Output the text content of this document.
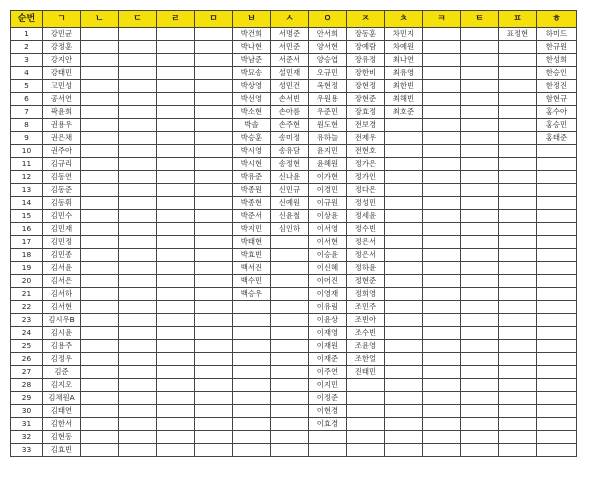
순번	ㄱ	ㄴ	ㄷ	ㄹ	ㅁ	ㅂ	ㅅ	ㅇ	ㅈ	ㅊ	ㅋ	ㅌ	ㅍ	ㅎ
1	강민균					박건희	서명준	안서희	장동훈	차민지			표정현	하미드
2	강정훈					박나현	서민준	양서현	장예람	차예원				한규원
3	강지안					박남준	서준서	양승엽	장유정	최나연				한성희
4	강태민					박묘송	설민재	오규민	장한비	최유영				한승인
5	고민성					박상영	성민건	옥현정	장현정	최한빈				한정진
6	공서연					박선영	손서빈	우원용	장현준	최해빈				함현규
7	곽윤희					박소현	손아름	우준민	장효정	최호준				홍수아
8	권용우					박솔	손주현	원도현	전보경					홍승민
9	권은채					박승훈	송미정	유하늘	전제우					홍태준
10	권주아					박시영	송유담	윤지민	전현호					
11	김규리					박시현	송정현	윤혜원	정가은					
12	김동연					박유준	신나윤	이가현	정가인					
13	김동준					박종원	신민규	이경민	정다은					
14	김동휘					박종현	신예원	이규원	정성민					
15	김민수					박준서	신윤철	이상윤	정세윤					
16	김민재					박지민	심인하	이서영	정수빈					
17	김민정					박태현		이서현	정은서					
18	김민종					박효빈		이승윤	정은서					
19	김서윤					백서진		이신혜	정하윤					
20	김서은					백수민		이어진	정현준					
21	김서하					백승우		이영재	정희영					
22	김서현							이유림	조민주					
23	김시우B							이윤상	조빈아					
24	김시윤							이재영	조수빈					
25	김용주							이재원	조윤영					
26	김정우							이재준	조한얼					
27	김준							이주연	진태민					
28	김지오							이지민						
29	김채원A							이정준						
30	김태연							이현경						
31	김한서							이효경						
32	김현동													
33	김효빈													
